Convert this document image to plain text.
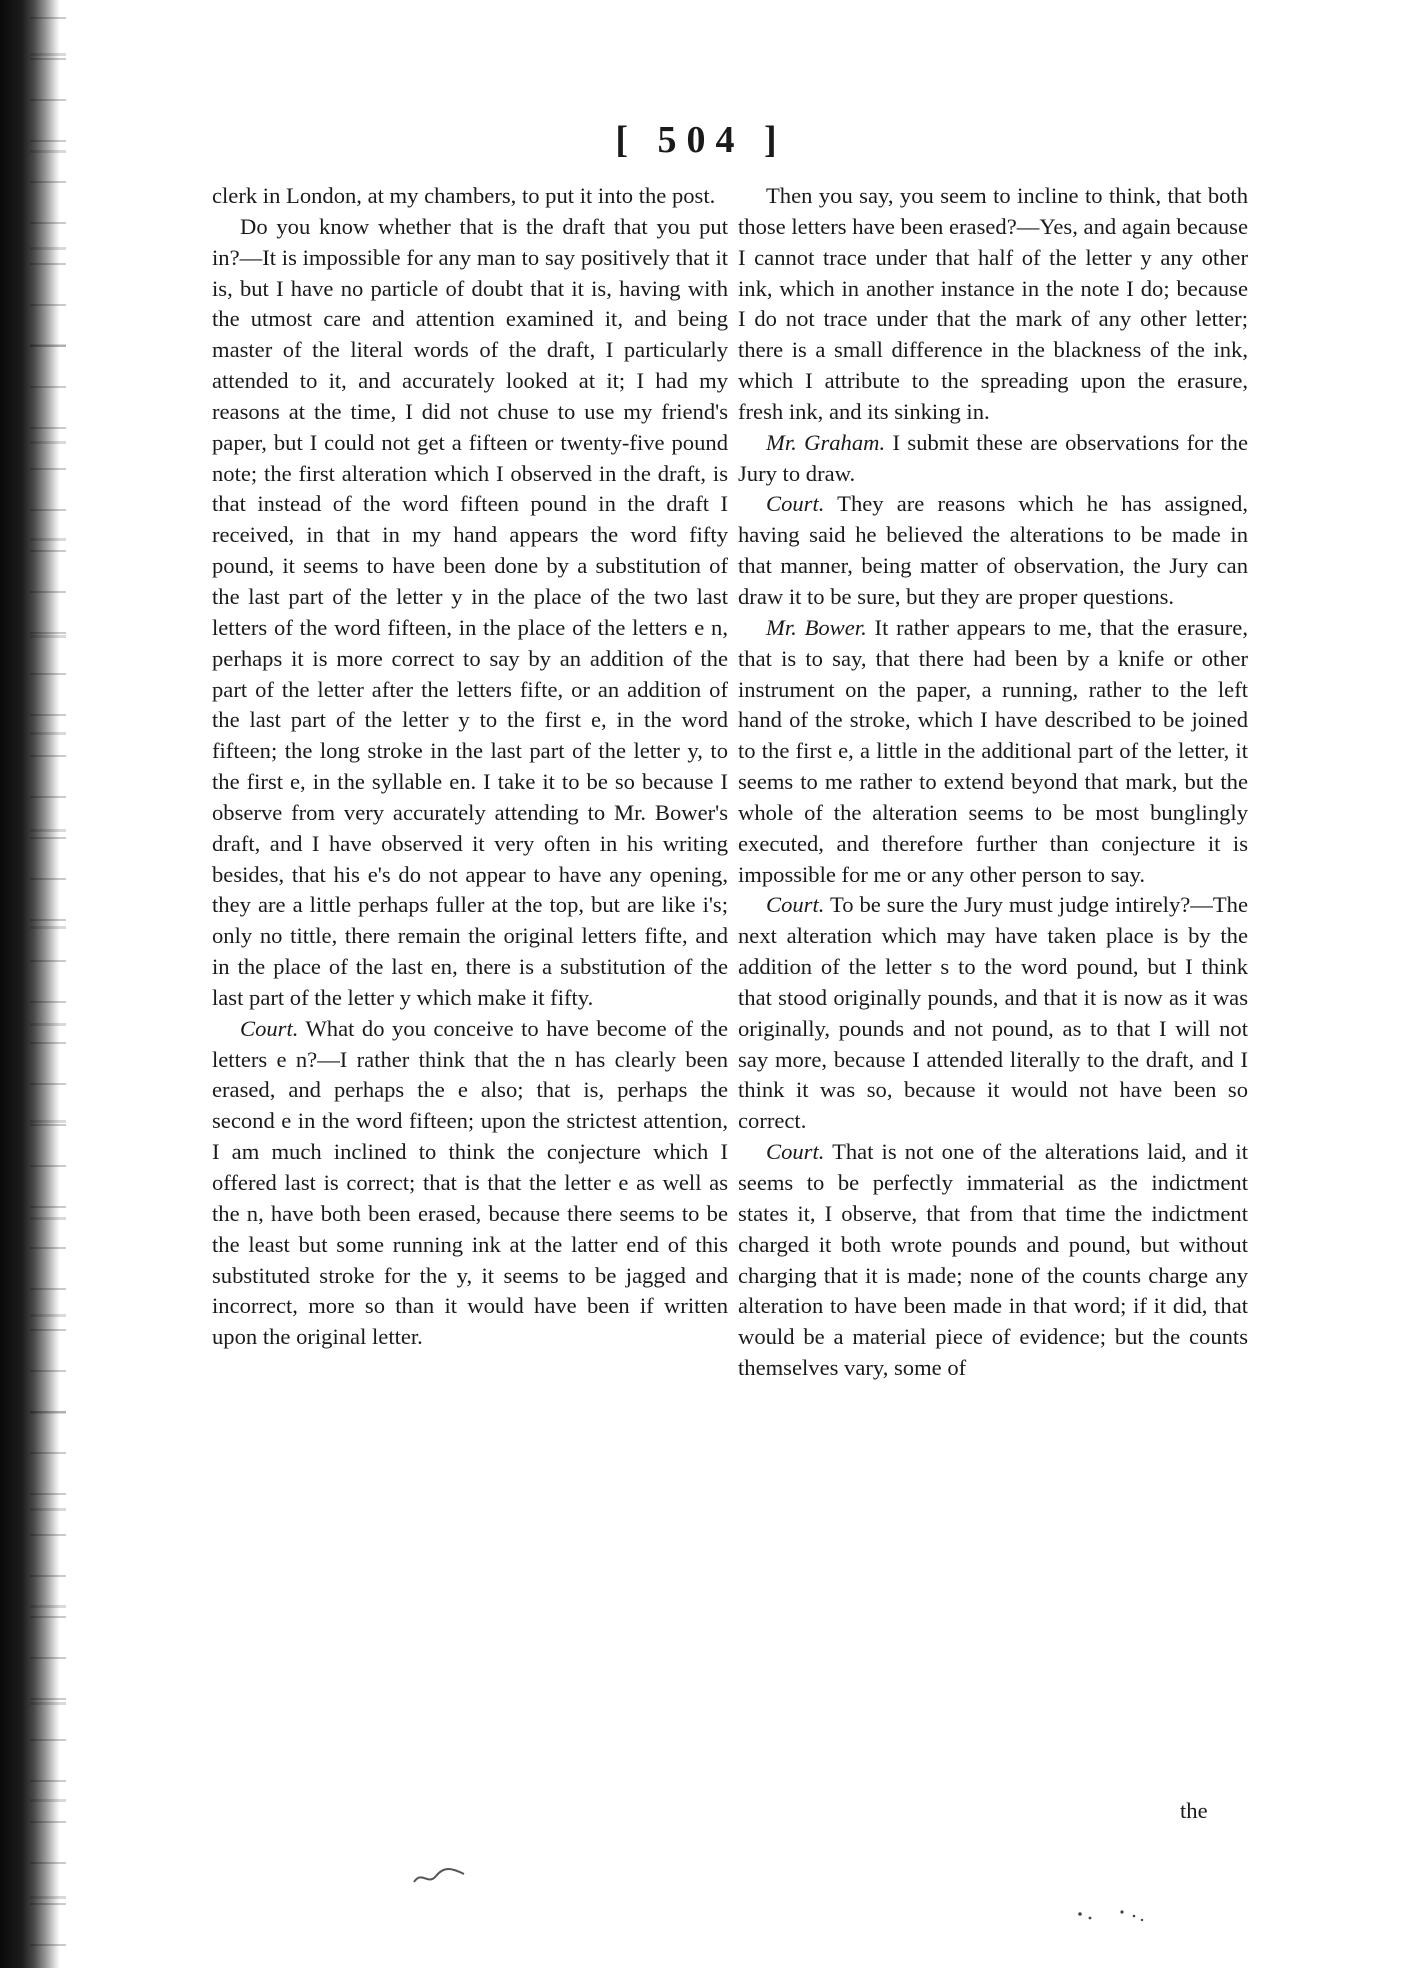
[ 504 ]

clerk in London, at my chambers, to put it into the post.

Do you know whether that is the draft that you put in?—It is impossible for any man to say positively that it is, but I have no particle of doubt that it is, having with the utmost care and attention examined it, and being master of the literal words of the draft, I particularly attended to it, and accurately looked at it; I had my reasons at the time, I did not chuse to use my friend's paper, but I could not get a fifteen or twenty-five pound note; the first alteration which I observed in the draft, is that instead of the word fifteen pound in the draft I received, in that in my hand appears the word fifty pound, it seems to have been done by a substitution of the last part of the letter y in the place of the two last letters of the word fifteen, in the place of the letters e n, perhaps it is more correct to say by an addition of the part of the letter after the letters fifte, or an addition of the last part of the letter y to the first e, in the word fifteen; the long stroke in the last part of the letter y, to the first e, in the syllable en. I take it to be so because I observe from very accurately attending to Mr. Bower's draft, and I have observed it very often in his writing besides, that his e's do not appear to have any opening, they are a little perhaps fuller at the top, but are like i's; only no tittle, there remain the original letters fifte, and in the place of the last en, there is a substitution of the last part of the letter y which make it fifty.

Court. What do you conceive to have become of the letters e n?—I rather think that the n has clearly been erased, and perhaps the e also; that is, perhaps the second e in the word fifteen; upon the strictest attention, I am much inclined to think the conjecture which I offered last is correct; that is that the letter e as well as the n, have both been erased, because there seems to be the least but some running ink at the latter end of this substituted stroke for the y, it seems to be jagged and incorrect, more so than it would have been if written upon the original letter.

Then you say, you seem to incline to think, that both those letters have been erased?—Yes, and again because I cannot trace under that half of the letter y any other ink, which in another instance in the note I do; because I do not trace under that the mark of any other letter; there is a small difference in the blackness of the ink, which I attribute to the spreading upon the erasure, fresh ink, and its sinking in.

Mr. Graham. I submit these are observations for the Jury to draw.

Court. They are reasons which he has assigned, having said he believed the alterations to be made in that manner, being matter of observation, the Jury can draw it to be sure, but they are proper questions.

Mr. Bower. It rather appears to me, that the erasure, that is to say, that there had been by a knife or other instrument on the paper, a running, rather to the left hand of the stroke, which I have described to be joined to the first e, a little in the additional part of the letter, it seems to me rather to extend beyond that mark, but the whole of the alteration seems to be most bunglingly executed, and therefore further than conjecture it is impossible for me or any other person to say.

Court. To be sure the Jury must judge intirely?—The next alteration which may have taken place is by the addition of the letter s to the word pound, but I think that stood originally pounds, and that it is now as it was originally, pounds and not pound, as to that I will not say more, because I attended literally to the draft, and I think it was so, because it would not have been so correct.

Court. That is not one of the alterations laid, and it seems to be perfectly immaterial as the indictment states it, I observe, that from that time the indictment charged it both wrote pounds and pound, but without charging that it is made; none of the counts charge any alteration to have been made in that word; if it did, that would be a material piece of evidence; but the counts themselves vary, some of

the
